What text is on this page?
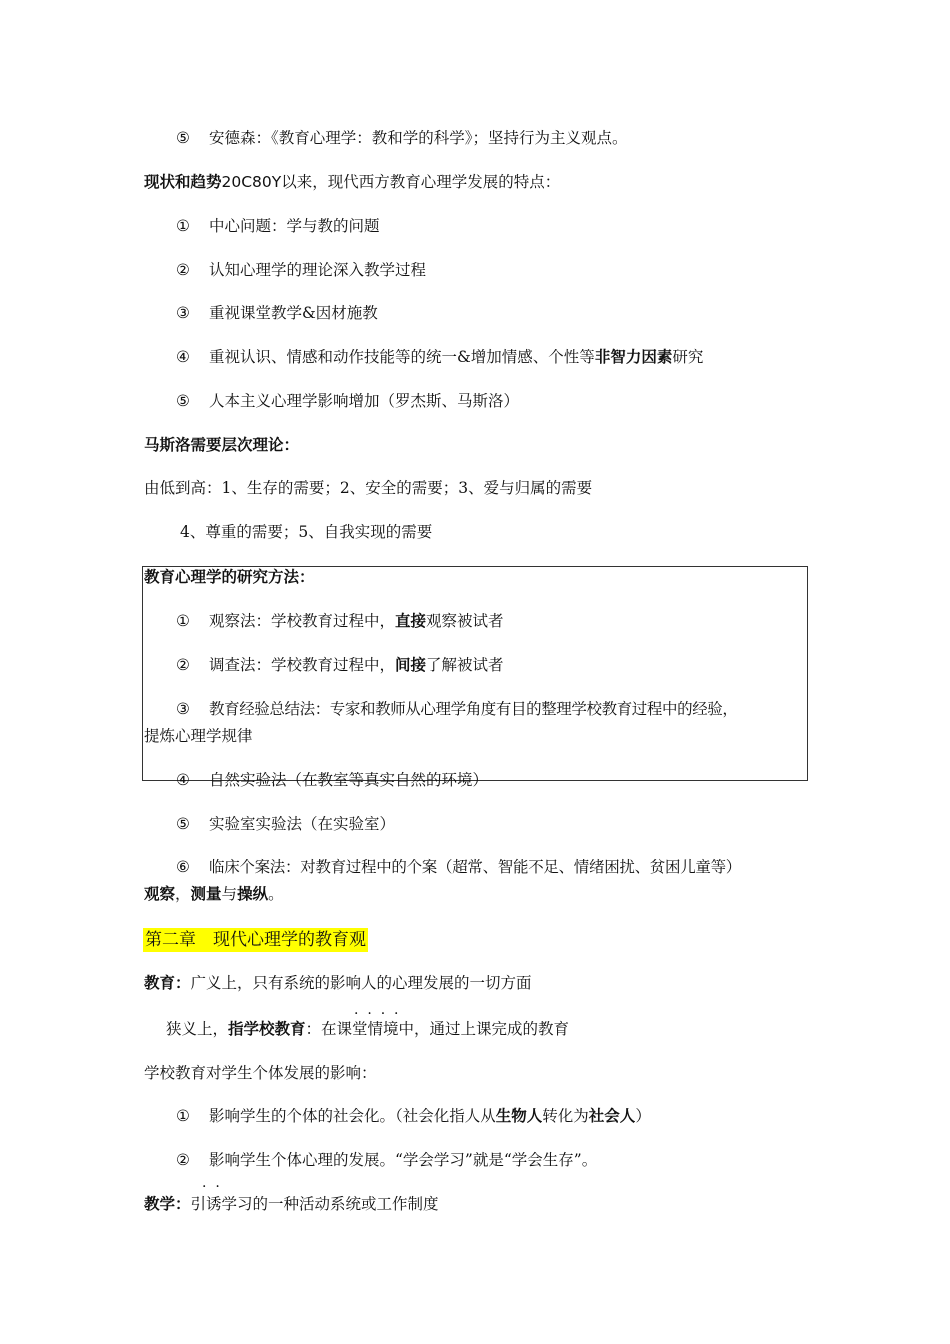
⑤ 安德森：《教育心理学：教和学的科学》；坚持行为主义观点。
现状和趋势20C80Y以来，现代西方教育心理学发展的特点：
① 中心问题：学与教的问题
② 认知心理学的理论深入教学过程
③ 重视课堂教学&因材施教
④ 重视认识、情感和动作技能等的统一&增加情感、个性等非智力因素研究
⑤ 人本主义心理学影响增加（罗杰斯、马斯洛）
马斯洛需要层次理论：
由低到高：1、生存的需要；2、安全的需要；3、爱与归属的需要
4、尊重的需要；5、自我实现的需要
教育心理学的研究方法：
① 观察法：学校教育过程中，直接观察被试者
② 调查法：学校教育过程中，间接了解被试者
③ 教育经验总结法：专家和教师从心理学角度有目的整理学校教育过程中的经验，
提炼心理学规律
④ 自然实验法（在教室等真实自然的环境）
⑤ 实验室实验法（在实验室）
⑥ 临床个案法：对教育过程中的个案（超常、智能不足、情绪困扰、贫困儿童等）
观察，测量与操纵。
第二章　现代心理学的教育观
教育：广义上，只有系统的影响人的心理发展的一切方面
·  ·  ·  ·
狭义上，指学校教育：在课堂情境中，通过上课完成的教育
学校教育对学生个体发展的影响：
① 影响学生的个体的社会化。（社会化指人从生物人转化为社会人）
② 影响学生个体心理的发展。“学会学习”就是“学会生存”。
·  ·
教学：引诱学习的一种活动系统或工作制度
